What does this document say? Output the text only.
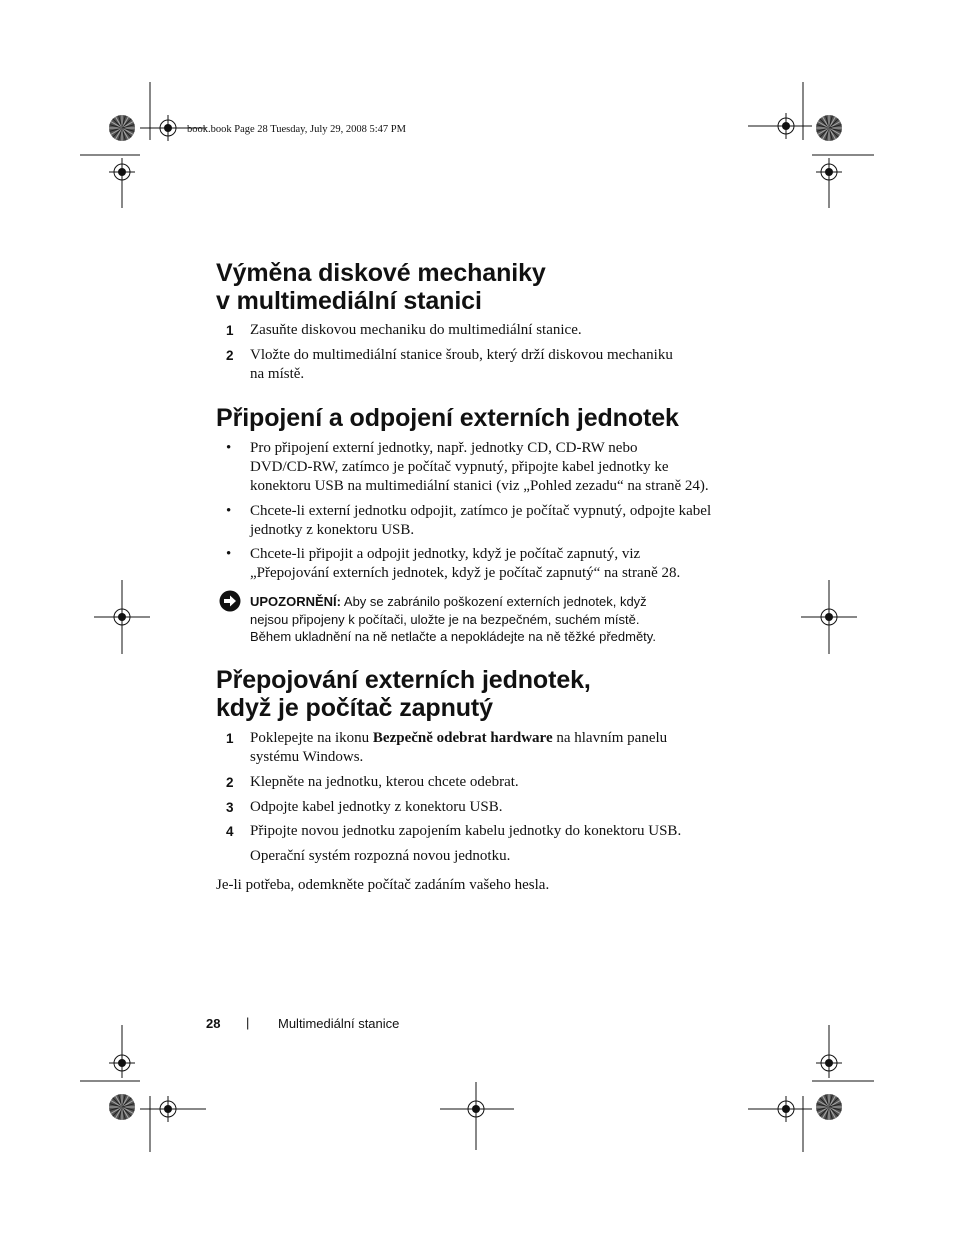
book.book Page 28 Tuesday, July 29, 2008 5:47 PM
Výměna diskové mechaniky
v multimediální stanici
1 Zasuňte diskovou mechaniku do multimediální stanice.
2 Vložte do multimediální stanice šroub, který drží diskovou mechaniku
na místě.
Připojení a odpojení externích jednotek
• Pro připojení externí jednotky, např. jednotky CD, CD-RW nebo
DVD/CD-RW, zatímco je počítač vypnutý, připojte kabel jednotky ke
konektoru USB na multimediální stanici (viz „Pohled zezadu“ na straně 24).
• Chcete-li externí jednotku odpojit, zatímco je počítač vypnutý, odpojte kabel
jednotky z konektoru USB.
• Chcete-li připojit a odpojit jednotky, když je počítač zapnutý, viz
„Přepojování externích jednotek, když je počítač zapnutý“ na straně 28.
UPOZORNĚNÍ: Aby se zabránilo poškození externích jednotek, když
nejsou připojeny k počítači, uložte je na bezpečném, suchém místě.
Během ukladnění na ně netlačte a nepokládejte na ně těžké předměty.
Přepojování externích jednotek,
když je počítač zapnutý
1 Poklepejte na ikonu Bezpečně odebrat hardware na hlavním panelu
systému Windows.
2 Klepněte na jednotku, kterou chcete odebrat.
3 Odpojte kabel jednotky z konektoru USB.
4 Připojte novou jednotku zapojením kabelu jednotky do konektoru USB.
Operační systém rozpozná novou jednotku.
Je-li potřeba, odemkněte počítač zadáním vašeho hesla.
28 | Multimediální stanice
